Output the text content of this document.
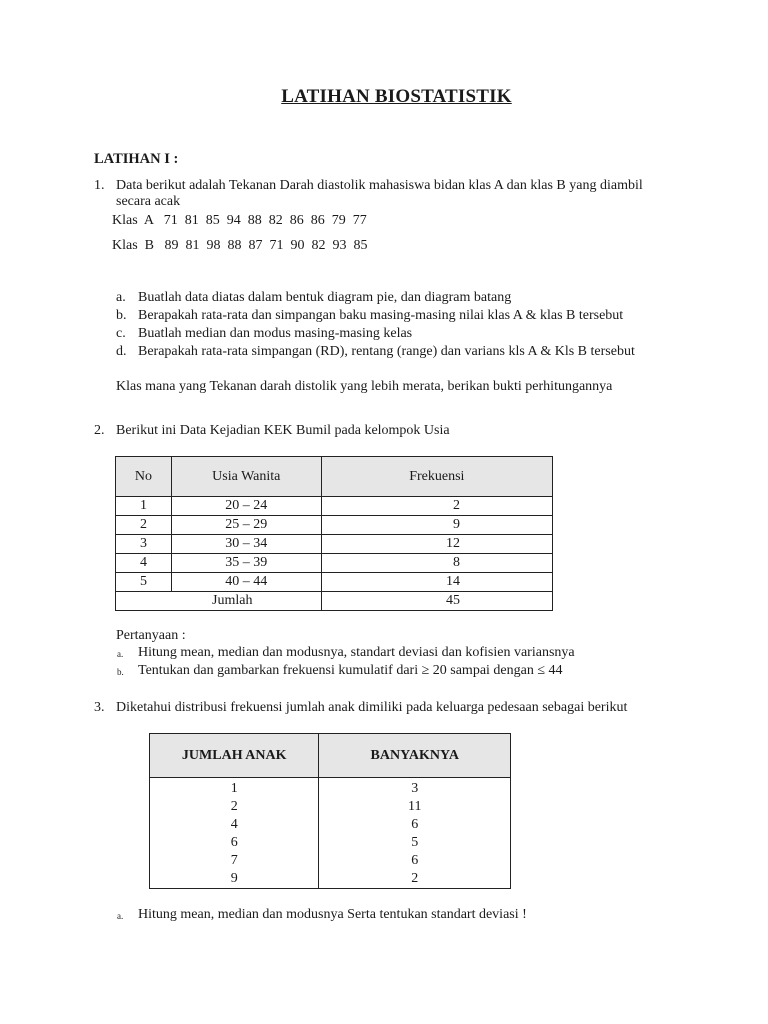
LATIHAN BIOSTATISTIK
LATIHAN I :
1. Data berikut adalah Tekanan Darah diastolik mahasiswa bidan klas A dan klas B yang diambil
secara acak
Klas  A   71  81  85  94  88  82  86  86  79  77
Klas  B   89  81  98  88  87  71  90  82  93  85
a. Buatlah data diatas dalam bentuk diagram pie, dan diagram batang
b. Berapakah rata-rata dan simpangan baku masing-masing nilai klas A & klas B tersebut
c. Buatlah median dan modus masing-masing kelas
d. Berapakah rata-rata simpangan (RD), rentang (range) dan varians kls A & Kls B tersebut
Klas mana yang Tekanan darah distolik yang lebih merata, berikan bukti perhitungannya
2. Berikut ini Data Kejadian KEK Bumil pada kelompok Usia
No	Usia Wanita	Frekuensi
1	20 – 24	2
2	25 – 29	9
3	30 – 34	12
4	35 – 39	8
5	40 – 44	14
Jumlah		45
Pertanyaan :
a. Hitung mean, median dan modusnya, standart deviasi dan kofisien variansnya
b. Tentukan dan gambarkan frekuensi kumulatif dari ≥ 20 sampai dengan ≤ 44
3. Diketahui distribusi frekuensi jumlah anak dimiliki pada keluarga pedesaan sebagai berikut
JUMLAH ANAK	BANYAKNYA
1	3
2	11
4	6
6	5
7	6
9	2
a. Hitung mean, median dan modusnya Serta tentukan standart deviasi !
